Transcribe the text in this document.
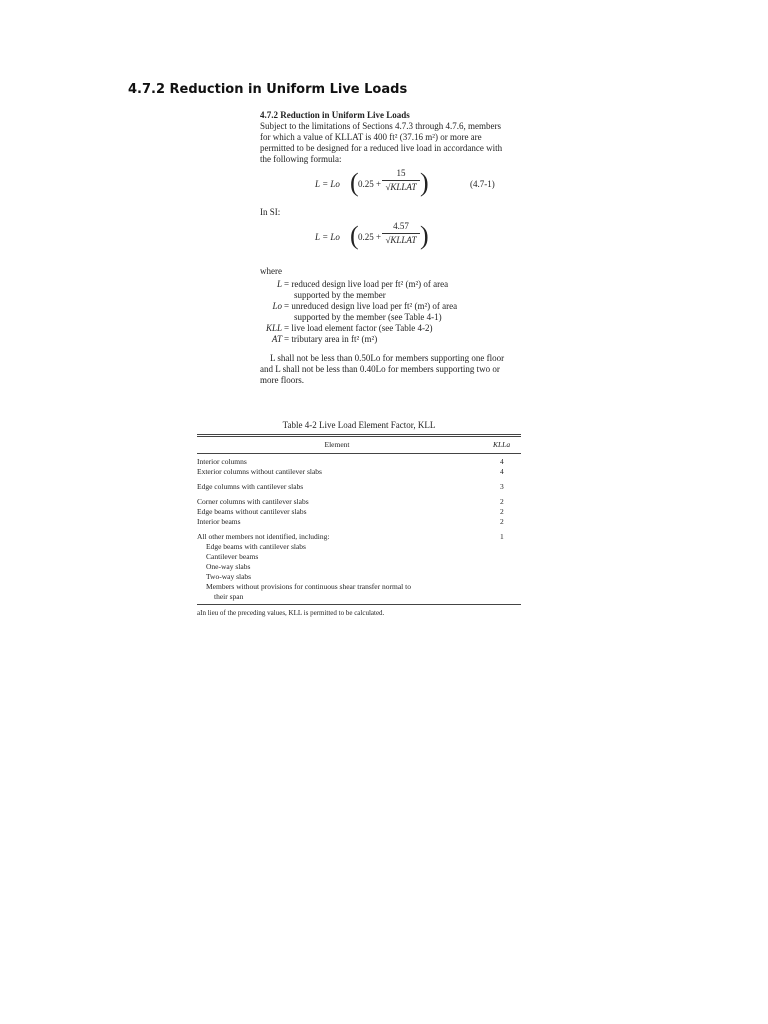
4.7.2 Reduction in Uniform Live Loads
4.7.2 Reduction in Uniform Live Loads

Subject to the limitations of Sections 4.7.3 through 4.7.6, members for which a value of KLLAT is 400 ft² (37.16 m²) or more are permitted to be designed for a reduced live load in accordance with the following formula:

L = Lo ( 0.25 +
15
√KLLAT )	(4.7-1)
In SI:
L = Lo ( 0.25 +
4.57
√KLLAT )
where
L = reduced design live load per ft² (m²) of area
supported by the member
Lo = unreduced design live load per ft² (m²) of area
supported by the member (see Table 4-1)
KLL = live load element factor (see Table 4-2)
AT = tributary area in ft² (m²)

L shall not be less than 0.50Lo for members supporting one floor and L shall not be less than 0.40Lo for members supporting two or more floors.

Table 4-2 Live Load Element Factor, KLL
Element	KLLa
Interior columns	4
Exterior columns without cantilever slabs	4
Edge columns with cantilever slabs	3
Corner columns with cantilever slabs	2
Edge beams without cantilever slabs	2
Interior beams	2
All other members not identified, including:	1
Edge beams with cantilever slabs
Cantilever beams
One-way slabs
Two-way slabs
Members without provisions for continuous shear transfer normal to
their span
aIn lieu of the preceding values, KLL is permitted to be calculated.
